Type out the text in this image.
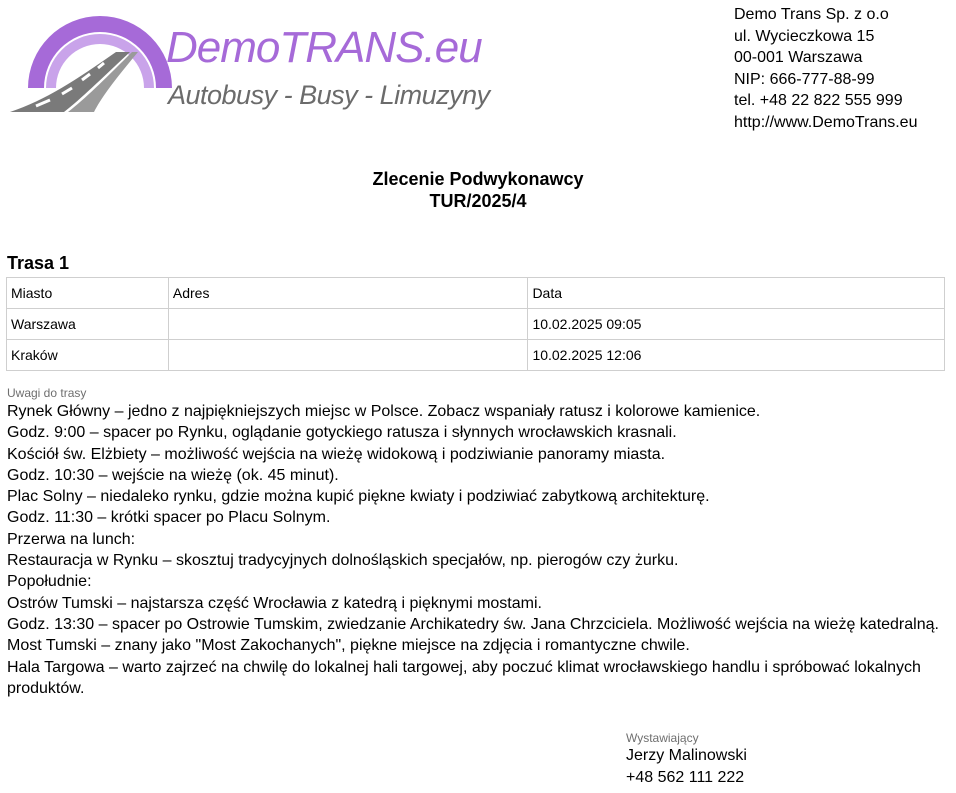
DemoTRANS.eu
Autobusy - Busy - Limuzyny
Demo Trans Sp. z o.o
ul. Wycieczkowa 15
00-001 Warszawa
NIP: 666-777-88-99
tel. +48 22 822 555 999
http://www.DemoTrans.eu
Zlecenie Podwykonawcy
TUR/2025/4
Trasa 1
Miasto	Adres	Data
Warszawa		10.02.2025 09:05
Kraków		10.02.2025 12:06
Uwagi do trasy
Rynek Główny – jedno z najpiękniejszych miejsc w Polsce. Zobacz wspaniały ratusz i kolorowe kamienice.
Godz. 9:00 – spacer po Rynku, oglądanie gotyckiego ratusza i słynnych wrocławskich krasnali.
Kościół św. Elżbiety – możliwość wejścia na wieżę widokową i podziwianie panoramy miasta.
Godz. 10:30 – wejście na wieżę (ok. 45 minut).
Plac Solny – niedaleko rynku, gdzie można kupić piękne kwiaty i podziwiać zabytkową architekturę.
Godz. 11:30 – krótki spacer po Placu Solnym.
Przerwa na lunch:
Restauracja w Rynku – skosztuj tradycyjnych dolnośląskich specjałów, np. pierogów czy żurku.
Popołudnie:
Ostrów Tumski – najstarsza część Wrocławia z katedrą i pięknymi mostami.
Godz. 13:30 – spacer po Ostrowie Tumskim, zwiedzanie Archikatedry św. Jana Chrzciciela. Możliwość wejścia na wieżę katedralną.
Most Tumski – znany jako "Most Zakochanych", piękne miejsce na zdjęcia i romantyczne chwile.
Hala Targowa – warto zajrzeć na chwilę do lokalnej hali targowej, aby poczuć klimat wrocławskiego handlu i spróbować lokalnych produktów.
Wystawiający
Jerzy Malinowski
+48 562 111 222
